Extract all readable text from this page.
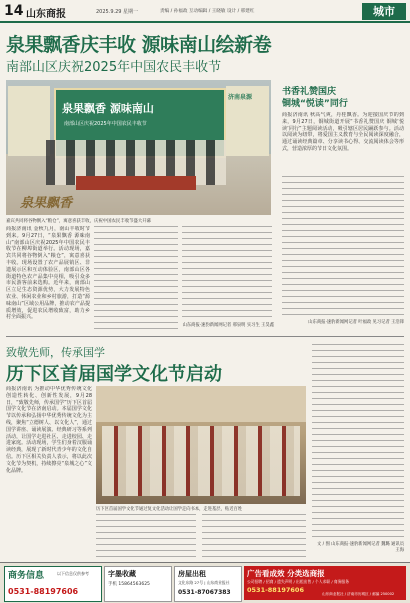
14 山东商报	2025.9.29 星期一	责编 / 孙福政 互动编辑 / 王晓敏 设计 / 邢建红	城市
泉果飘香庆丰收 源味南山绘新卷
南部山区庆祝2025年中国农民丰收节
泉果飘香 源味南山
南部山区庆祝2025年中国农民丰收节
济南泉源
泉果飘香
嘉宾共同将谷物倒入“粮仓”，寓意喜获丰收，庆祝中国农民丰收节盛大开幕
商报济南讯 金秋九月，南山丰收时节到来。9月27日，“泉果飘香 源味南山”南部山区庆祝2025年中国农民丰收节在柳埠街道举行。活动现场，嘉宾共同将谷物倒入“粮仓”，寓意喜获丰收。现场设置了农产品展销区、非遗展示区和互动体验区，南部山区各街道特色农产品集中亮相，吸引众多市民游客前来选购。近年来，南部山区立足生态资源优势，大力发展特色农业、休闲农业和乡村旅游，打造“源味南山”区域公用品牌，推动农产品提质增效，促进农民增收致富，助力乡村全面振兴。
山东商报·速豹新闻网记者 邢泉明 实习生 王昊鑫
书香礼赞国庆
铜城“悦读”同行
商报济南讯 秋高气爽，丹桂飘香。为迎接国庆节的到来，9月27日，铜城街道开展“书香礼赞国庆 铜城‘悦读’同行”主题阅读活动，吸引辖区居民踊跃参与。活动以阅读为纽带，将爱国主义教育与全民阅读深度融合，通过诵读经典篇章、分享读书心得、交流阅读体会等形式，营造浓厚的节日文化氛围。
山东商报·速豹新闻网记者 叶福政 见习记者 王浩锋
致敬先师，传承国学
历下区首届国学文化节启动
商报济南讯 为推动中华优秀传统文化创造性转化、创新性发展，9月28日，“致敬先师，传承国学”历下区首届国学文化节在济南启动。本届国学文化节以传承和弘扬中华优秀传统文化为主线，聚焦“立德树人、以文化人”，通过国学讲座、诵读展演、经典研习等系列活动，让国学走进社区、走进校园、走进家庭。活动现场，学生们身着汉服诵读经典，展现了新时代青少年的文化自信。历下区相关负责人表示，将以此次文化节为契机，持续擦亮“泉城之心”文化品牌。
历下区首届国学文化节通过复文化活动让国学走向书本，走进基层，贴近百姓
文 / 图 山东商报·速豹新闻网记者 魏璐 通讯员 王海
商务信息	以下信息仅供参考
0531-88197606
字墨收藏
手机 15864563625
房屋出租
文化东路 27号 | 山东商业报社
0531-87067383
广告看成效 分类选商报
公司招聘 / 招商 / 遗失声明 / 出租出售 / 个人求职 / 商务服务
0531-88197606	山东商业报社 / 济南市历城区 / 邮编 250002
